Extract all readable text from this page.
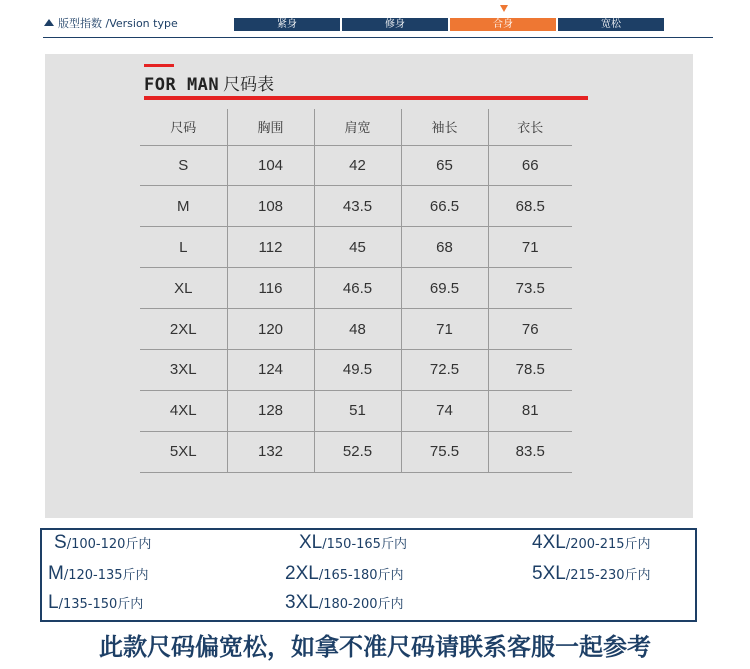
版型指数 /Version type	紧身	修身	合身	宽松
FOR MAN 尺码表
尺码	胸围	肩宽	袖长	衣长
S	104	42	65	66
M	108	43.5	66.5	68.5
L	112	45	68	71
XL	116	46.5	69.5	73.5
2XL	120	48	71	76
3XL	124	49.5	72.5	78.5
4XL	128	51	74	81
5XL	132	52.5	75.5	83.5
S/100-120斤内
M/120-135斤内
L/135-150斤内
XL/150-165斤内
2XL/165-180斤内
3XL/180-200斤内
4XL/200-215斤内
5XL/215-230斤内
此款尺码偏宽松，如拿不准尺码请联系客服一起参考
